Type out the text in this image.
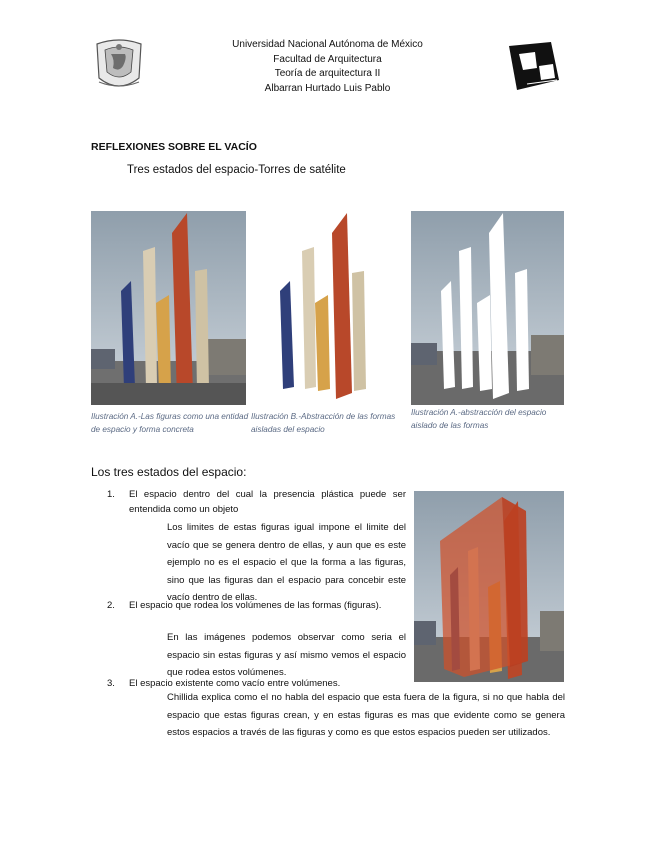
Universidad Nacional Autónoma de México
Facultad de Arquitectura
Teoría de arquitectura II
Albarran Hurtado Luis Pablo
REFLEXIONES SOBRE EL VACÍO
Tres estados del espacio-Torres de satélite
Ilustración A.-Las figuras como una entidad de espacio y forma concreta
Ilustración B.-Abstracción de las formas aisladas del espacio
Ilustración A.-abstracción del espacio aislado de las formas
Los tres estados del espacio:
1. El espacio dentro del cual la presencia plástica puede ser entendida como un objeto
Los limites de estas figuras igual impone el limite del vacío que se genera dentro de ellas, y aun que es este ejemplo no es el espacio el que la forma a las figuras, sino que las figuras dan el espacio para concebir este vacío dentro de ellas.
2. El espacio que rodea los volúmenes de las formas (figuras).
En las imágenes podemos observar como seria el espacio sin estas figuras y así mismo vemos el espacio que rodea estos volúmenes.
3. El espacio existente como vacío entre volúmenes.
Chillida explica como el no habla del espacio que esta fuera de la figura, si no que habla del espacio que estas figuras crean, y en estas figuras es mas que evidente como se genera estos espacios a través de las figuras y como es que estos espacios pueden ser utilizados.
